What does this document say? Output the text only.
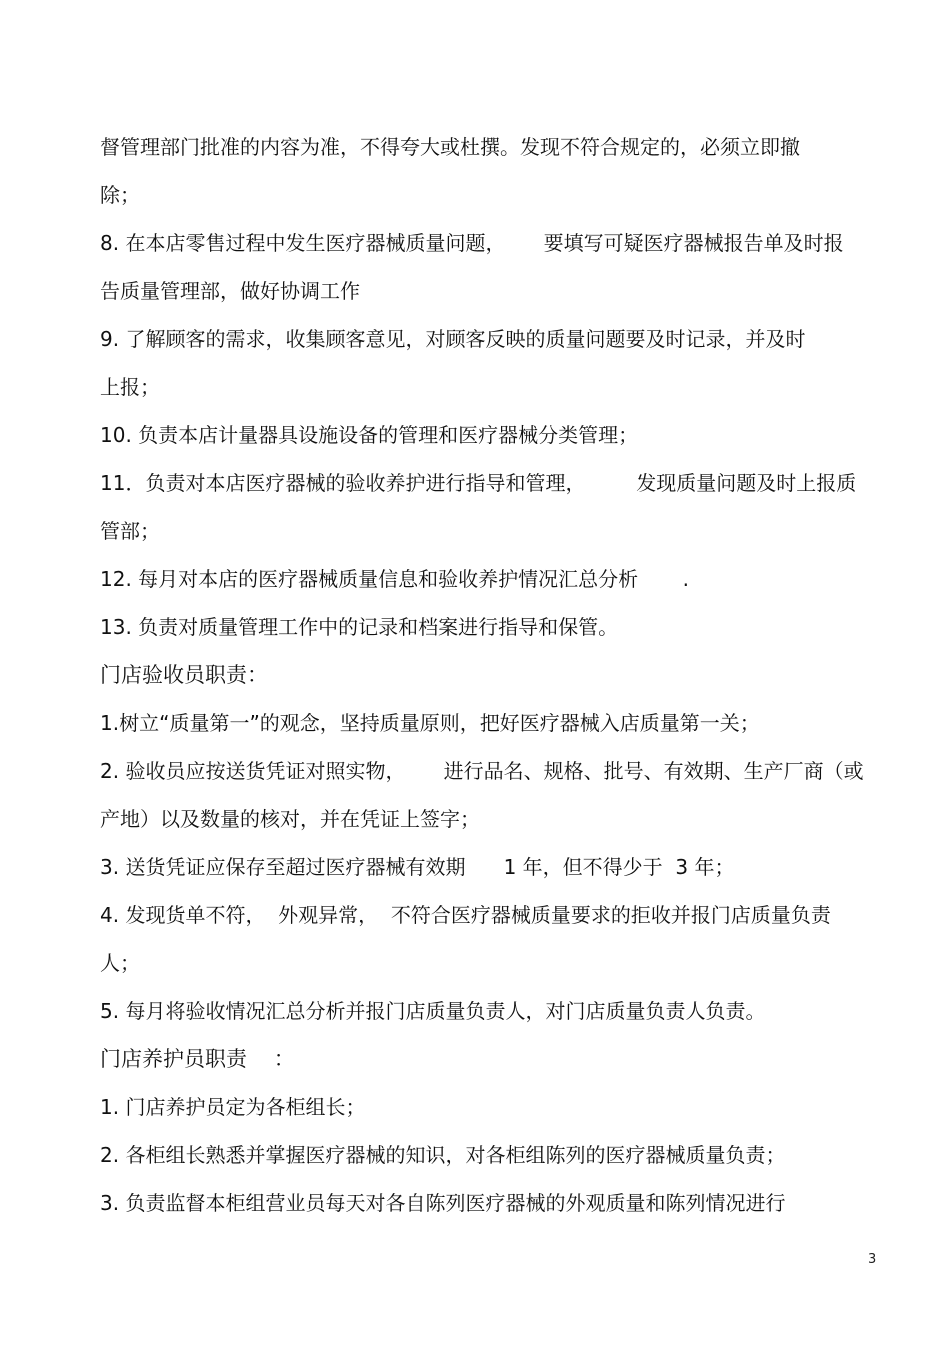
督管理部门批准的内容为准，不得夸大或杜撰。发现不符合规定的，必须立即撤

除；

8. 在本店零售过程中发生医疗器械质量问题，      要填写可疑医疗器械报告单及时报

告质量管理部，做好协调工作

9. 了解顾客的需求，收集顾客意见，对顾客反映的质量问题要及时记录，并及时

上报；

10. 负责本店计量器具设施设备的管理和医疗器械分类管理；

11．负责对本店医疗器械的验收养护进行指导和管理，        发现质量问题及时上报质

管部；

12. 每月对本店的医疗器械质量信息和验收养护情况汇总分析       .

13. 负责对质量管理工作中的记录和档案进行指导和保管。

门店验收员职责：

1.树立“质量第一”的观念，坚持质量原则，把好医疗器械入店质量第一关；

2. 验收员应按送货凭证对照实物，      进行品名、规格、批号、有效期、生产厂商（或

产地）以及数量的核对，并在凭证上签字；

3. 送货凭证应保存至超过医疗器械有效期      1 年，但不得少于  3 年；

4. 发现货单不符，  外观异常，  不符合医疗器械质量要求的拒收并报门店质量负责

人；

5. 每月将验收情况汇总分析并报门店质量负责人，对门店质量负责人负责。

门店养护员职责    ：

1. 门店养护员定为各柜组长；

2. 各柜组长熟悉并掌握医疗器械的知识，对各柜组陈列的医疗器械质量负责；

3. 负责监督本柜组营业员每天对各自陈列医疗器械的外观质量和陈列情况进行

3
